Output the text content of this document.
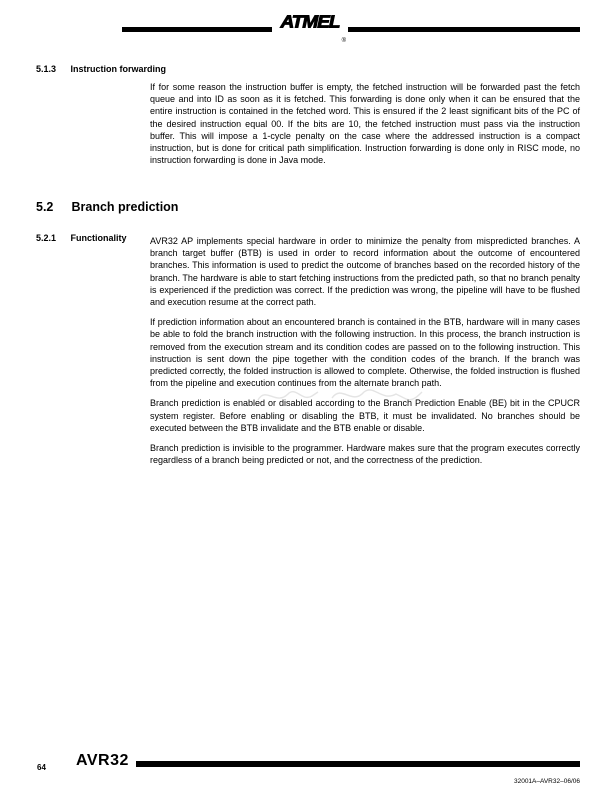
ATMEL
®
5.1.3 Instruction forwarding

If for some reason the instruction buffer is empty, the fetched instruction will be forwarded past the fetch queue and into ID as soon as it is fetched. This forwarding is done only when it can be ensured that the entire instruction is contained in the fetched word. This is ensured if the 2 least significant bits of the PC of the desired instruction equal 00. If the bits are 10, the fetched instruction must pass via the instruction buffer. This will impose a 1-cycle penalty on the case where the addressed instruction is a compact instruction, but is done for critical path simplification. Instruction forwarding is done only in RISC mode, no instruction forwarding is done in Java mode.

5.2 Branch prediction
5.2.1 Functionality	AVR32 AP implements special hardware in order to minimize the penalty from mispredicted branches. A branch target buffer (BTB) is used in order to record information about the outcome of encountered branches. This information is used to predict the outcome of branches based on the recorded history of the branch. The hardware is able to start fetching instructions from the predicted path, so that no branch penalty is experienced if the prediction was correct. If the prediction was wrong, the pipeline will have to be flushed and execution resume at the correct path.

If prediction information about an encountered branch is contained in the BTB, hardware will in many cases be able to fold the branch instruction with the following instruction. In this process, the branch instruction is removed from the execution stream and its condition codes are passed on to the following instruction. This instruction is sent down the pipe together with the condition codes of the branch. If the branch was predicted correctly, the folded instruction is allowed to complete. Otherwise, the folded instruction is flushed from the pipeline and execution continues from the alternate branch path.

Branch prediction is enabled or disabled according to the Branch Prediction Enable (BE) bit in the CPUCR system register. Before enabling or disabling the BTB, it must be invalidated. No branches should be executed between the BTB invalidate and the BTB enable or disable.

Branch prediction is invisible to the programmer. Hardware makes sure that the program executes correctly regardless of a branch being predicted or not, and the correctness of the prediction.

64 AVR32
32001A–AVR32–06/06
